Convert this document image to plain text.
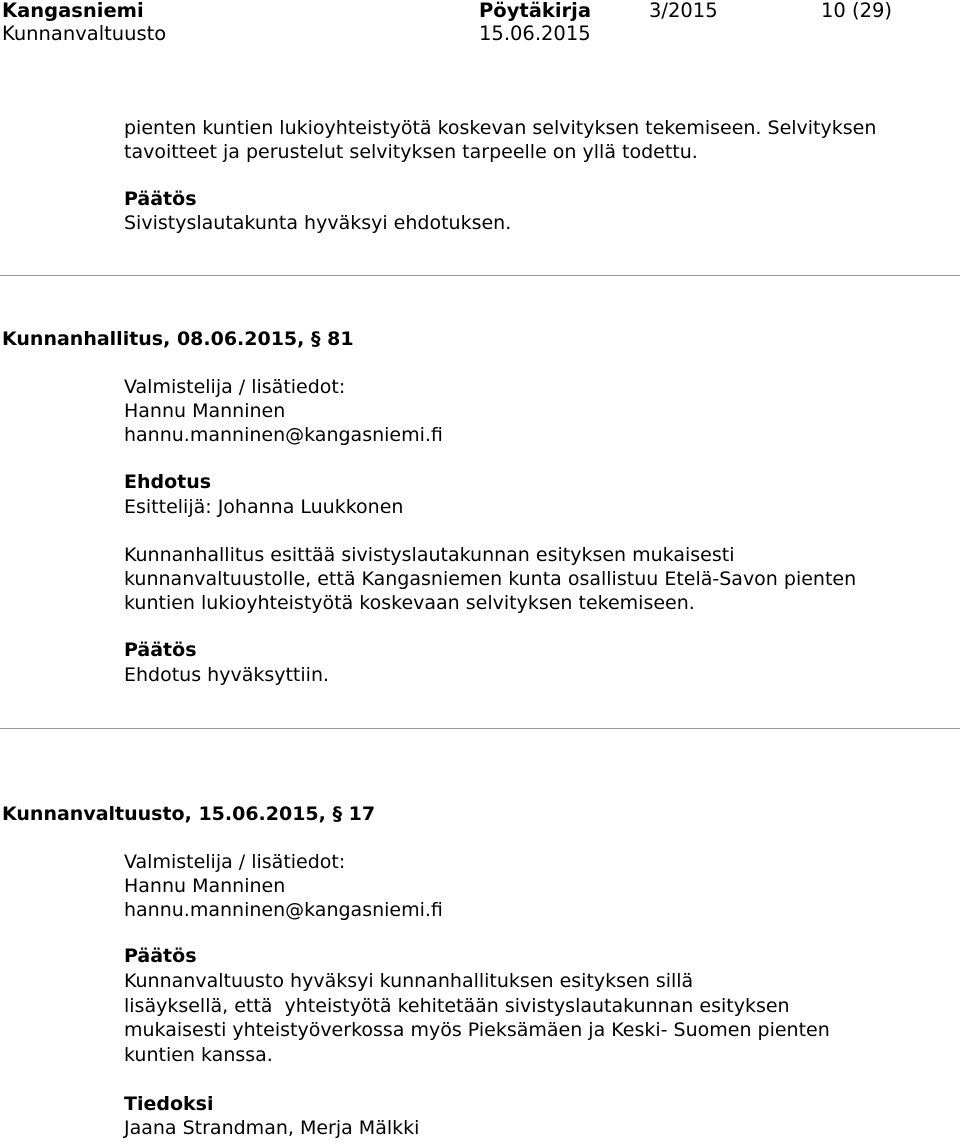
Kangasniemi
Kunnanvaltuusto
Pöytäkirja
15.06.2015
3/2015	10 (29)
pienten kuntien lukioyhteistyötä koskevan selvityksen tekemiseen. Selvityksen
tavoitteet ja perustelut selvityksen tarpeelle on yllä todettu.
Päätös
Sivistyslautakunta hyväksyi ehdotuksen.
Kunnanhallitus, 08.06.2015, § 81
Valmistelija / lisätiedot:
Hannu Manninen
hannu.manninen@kangasniemi.fi
Ehdotus
Esittelijä: Johanna Luukkonen
Kunnanhallitus esittää sivistyslautakunnan esityksen mukaisesti
kunnanvaltuustolle, että Kangasniemen kunta osallistuu Etelä-Savon pienten
kuntien lukioyhteistyötä koskevaan selvityksen tekemiseen.
Päätös
Ehdotus hyväksyttiin.
Kunnanvaltuusto, 15.06.2015, § 17
Valmistelija / lisätiedot:
Hannu Manninen
hannu.manninen@kangasniemi.fi
Päätös
Kunnanvaltuusto hyväksyi kunnanhallituksen esityksen sillä
lisäyksellä, että  yhteistyötä kehitetään sivistyslautakunnan esityksen
mukaisesti yhteistyöverkossa myös Pieksämäen ja Keski- Suomen pienten
kuntien kanssa.
Tiedoksi
Jaana Strandman, Merja Mälkki
